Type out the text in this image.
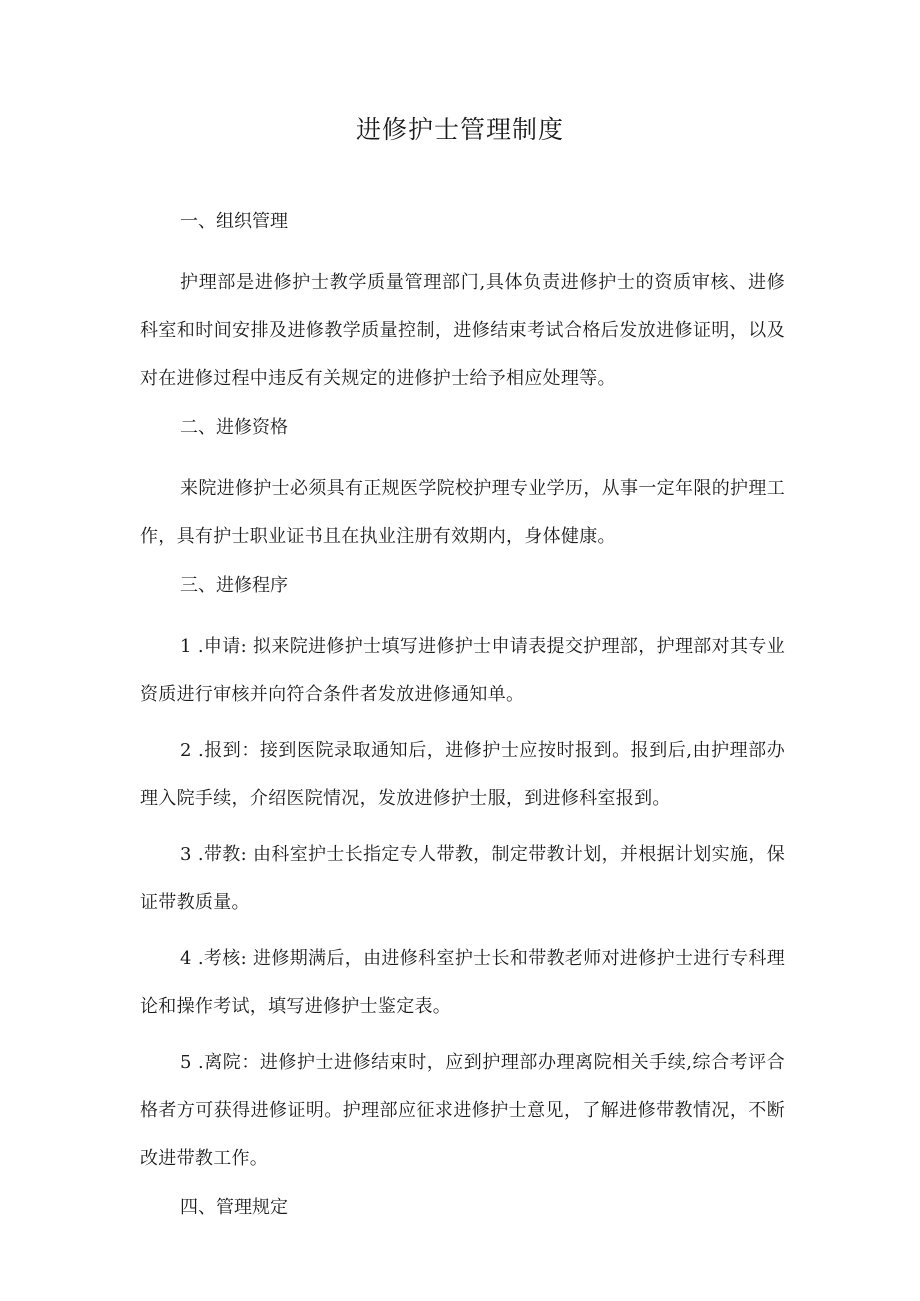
进修护士管理制度
一、组织管理

护理部是进修护士教学质量管理部门,具体负责进修护士的资质审核、进修科室和时间安排及进修教学质量控制，进修结束考试合格后发放进修证明，以及对在进修过程中违反有关规定的进修护士给予相应处理等。

二、进修资格

来院进修护士必须具有正规医学院校护理专业学历，从事一定年限的护理工作，具有护士职业证书且在执业注册有效期内，身体健康。

三、进修程序

1 .申请: 拟来院进修护士填写进修护士申请表提交护理部，护理部对其专业资质进行审核并向符合条件者发放进修通知单。

2 .报到：接到医院录取通知后，进修护士应按时报到。报到后,由护理部办理入院手续，介绍医院情况，发放进修护士服，到进修科室报到。

3 .带教: 由科室护士长指定专人带教，制定带教计划，并根据计划实施，保证带教质量。

4 .考核: 进修期满后，由进修科室护士长和带教老师对进修护士进行专科理论和操作考试，填写进修护士鉴定表。

5 .离院：进修护士进修结束时，应到护理部办理离院相关手续,综合考评合格者方可获得进修证明。护理部应征求进修护士意见，了解进修带教情况，不断改进带教工作。

四、管理规定
